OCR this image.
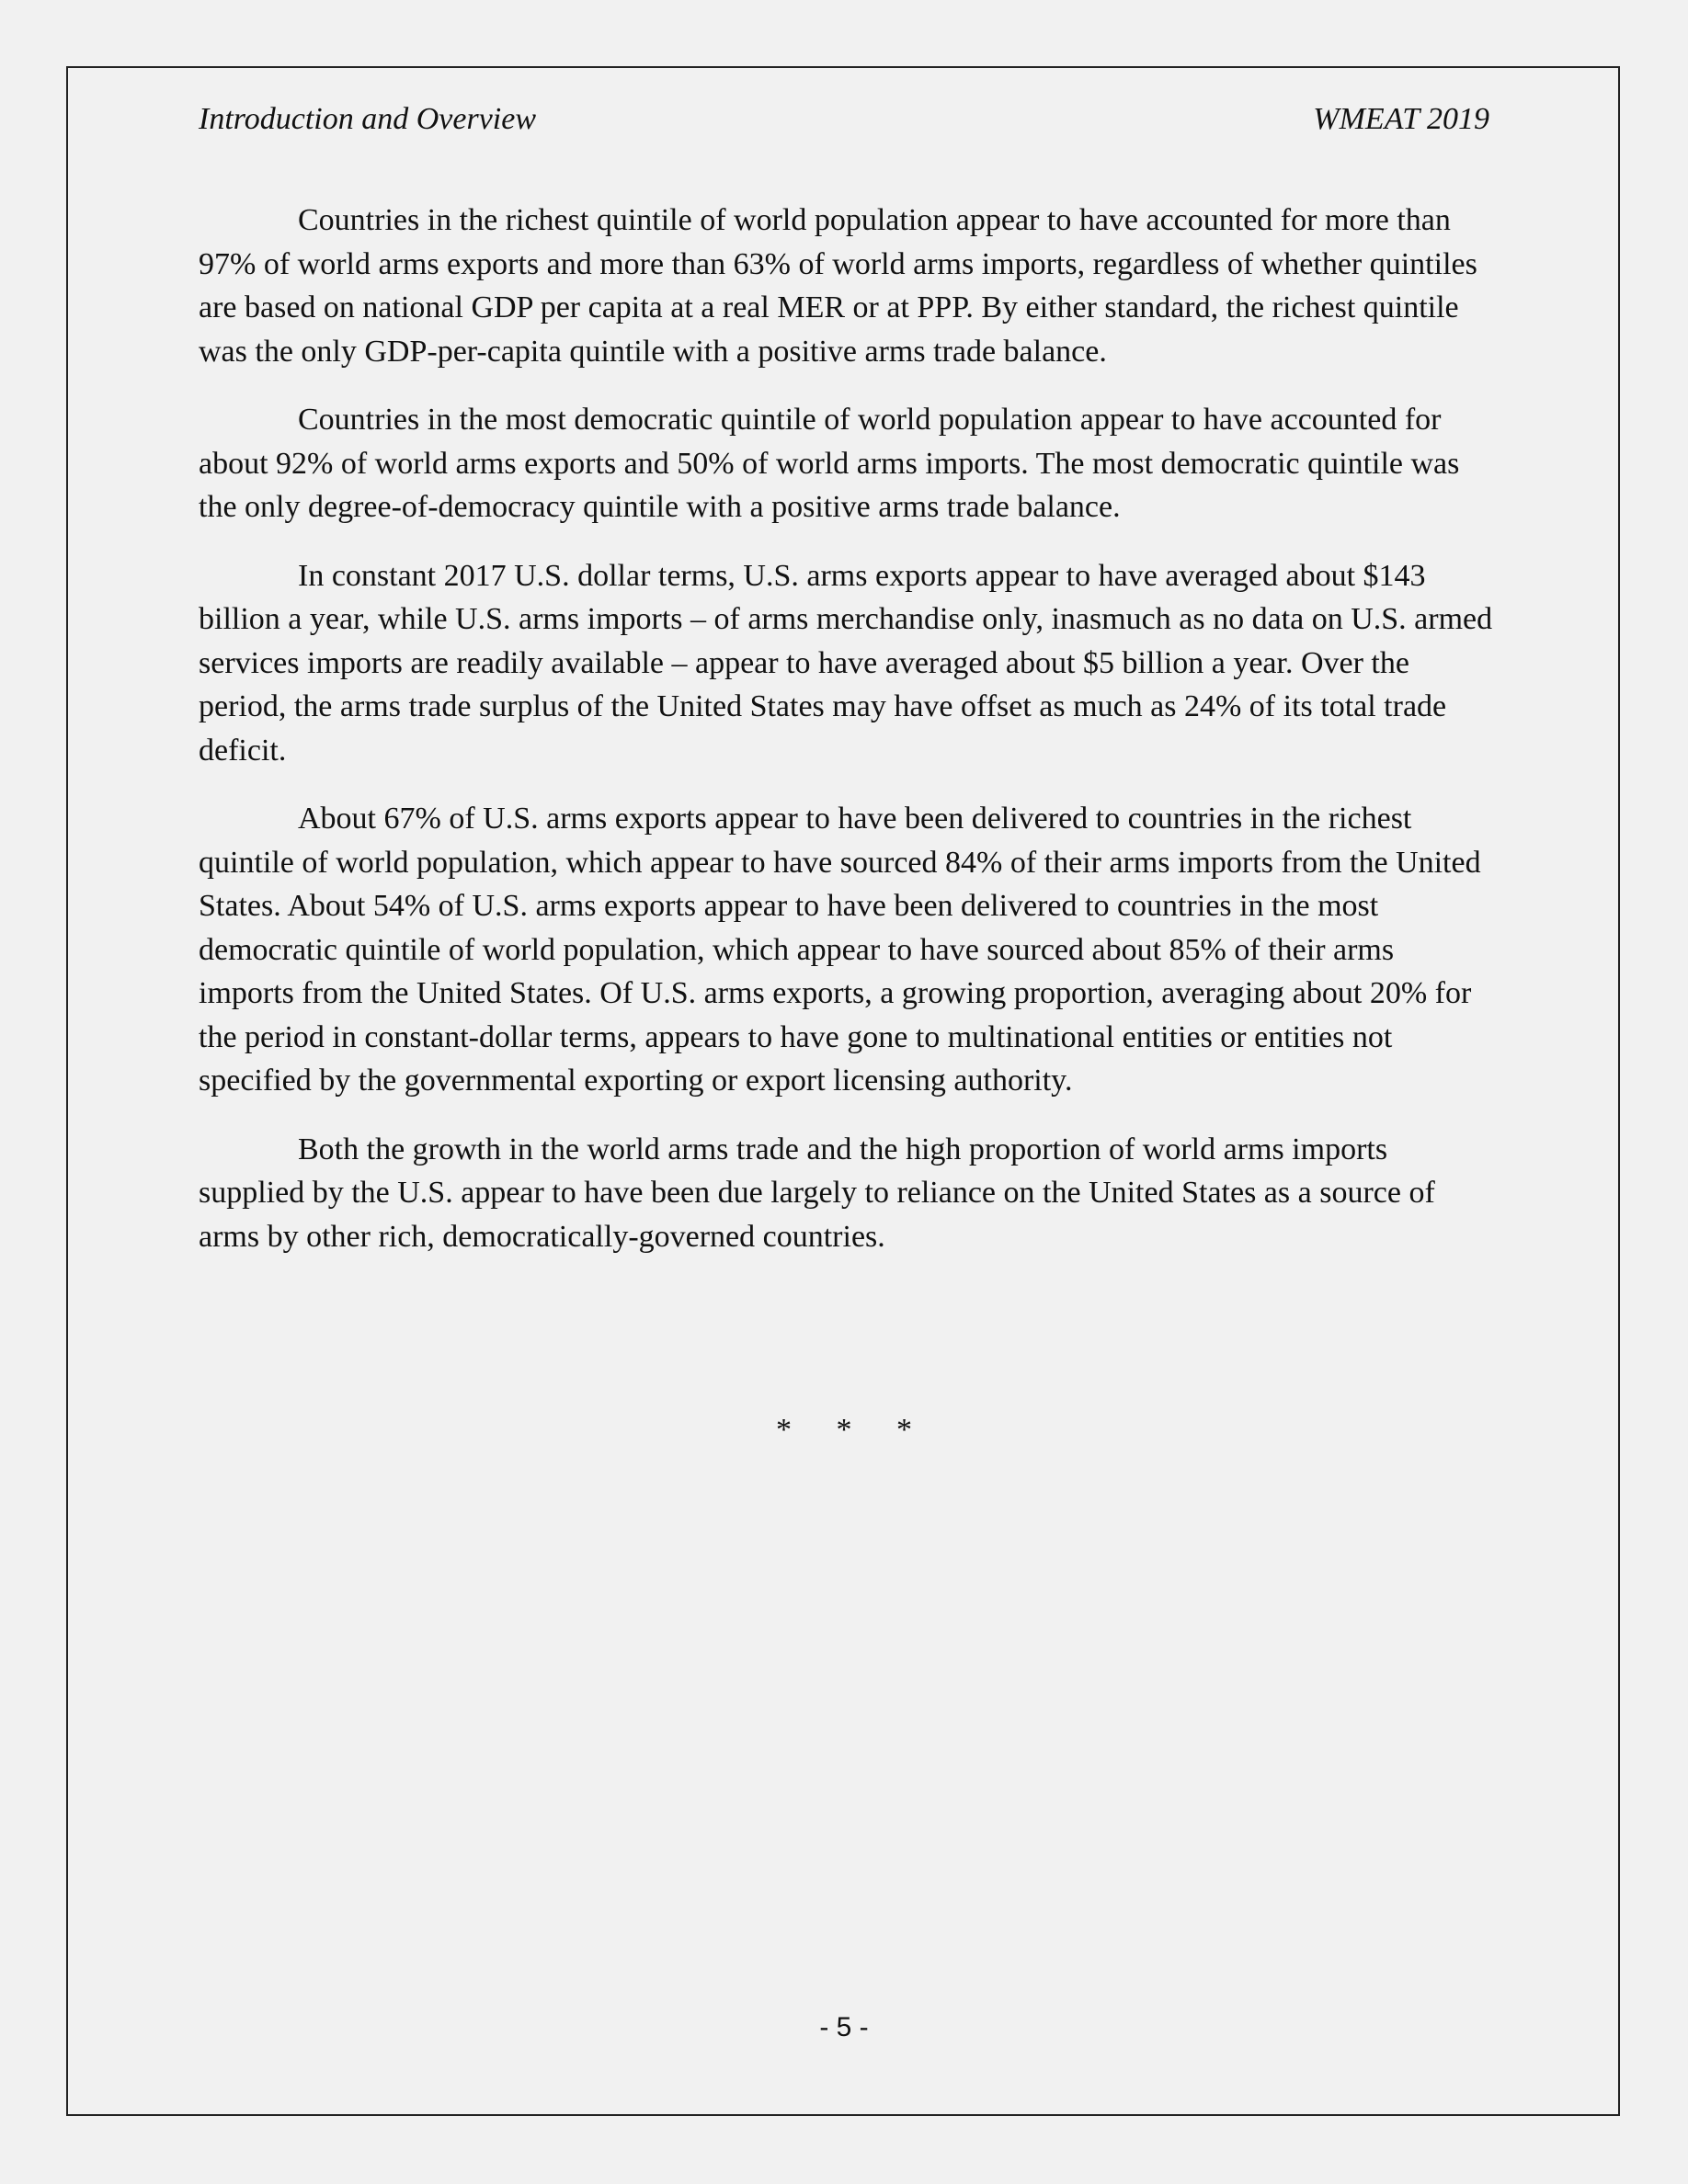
Introduction and Overview	WMEAT 2019

Countries in the richest quintile of world population appear to have accounted for more than 97% of world arms exports and more than 63% of world arms imports, regardless of whether quintiles are based on national GDP per capita at a real MER or at PPP. By either standard, the richest quintile was the only GDP-per-capita quintile with a positive arms trade balance.

Countries in the most democratic quintile of world population appear to have accounted for about 92% of world arms exports and 50% of world arms imports. The most democratic quintile was the only degree-of-democracy quintile with a positive arms trade balance.

In constant 2017 U.S. dollar terms, U.S. arms exports appear to have averaged about $143 billion a year, while U.S. arms imports – of arms merchandise only, inasmuch as no data on U.S. armed services imports are readily available – appear to have averaged about $5 billion a year. Over the period, the arms trade surplus of the United States may have offset as much as 24% of its total trade deficit.

About 67% of U.S. arms exports appear to have been delivered to countries in the richest quintile of world population, which appear to have sourced 84% of their arms imports from the United States. About 54% of U.S. arms exports appear to have been delivered to countries in the most democratic quintile of world population, which appear to have sourced about 85% of their arms imports from the United States. Of U.S. arms exports, a growing proportion, averaging about 20% for the period in constant-dollar terms, appears to have gone to multinational entities or entities not specified by the governmental exporting or export licensing authority.

Both the growth in the world arms trade and the high proportion of world arms imports supplied by the U.S. appear to have been due largely to reliance on the United States as a source of arms by other rich, democratically-governed countries.

* * *
- 5 -
